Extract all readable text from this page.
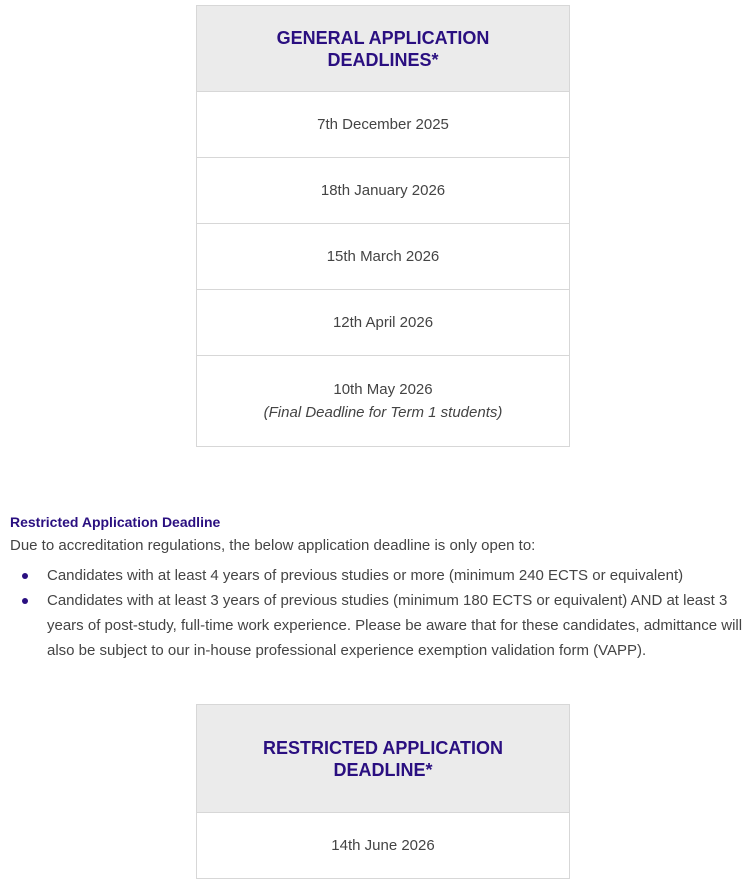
GENERAL APPLICATION DEADLINES*
7th December 2025
18th January 2026
15th March 2026
12th April 2026
10th May 2026
(Final Deadline for Term 1 students)
Restricted Application Deadline

Due to accreditation regulations, the below application deadline is only open to:

Candidates with at least 4 years of previous studies or more (minimum 240 ECTS or equivalent)
Candidates with at least 3 years of previous studies (minimum 180 ECTS or equivalent) AND at least 3 years of post-study, full-time work experience. Please be aware that for these candidates, admittance will also be subject to our in-house professional experience exemption validation form (VAPP).
RESTRICTED APPLICATION DEADLINE*
14th June 2026
